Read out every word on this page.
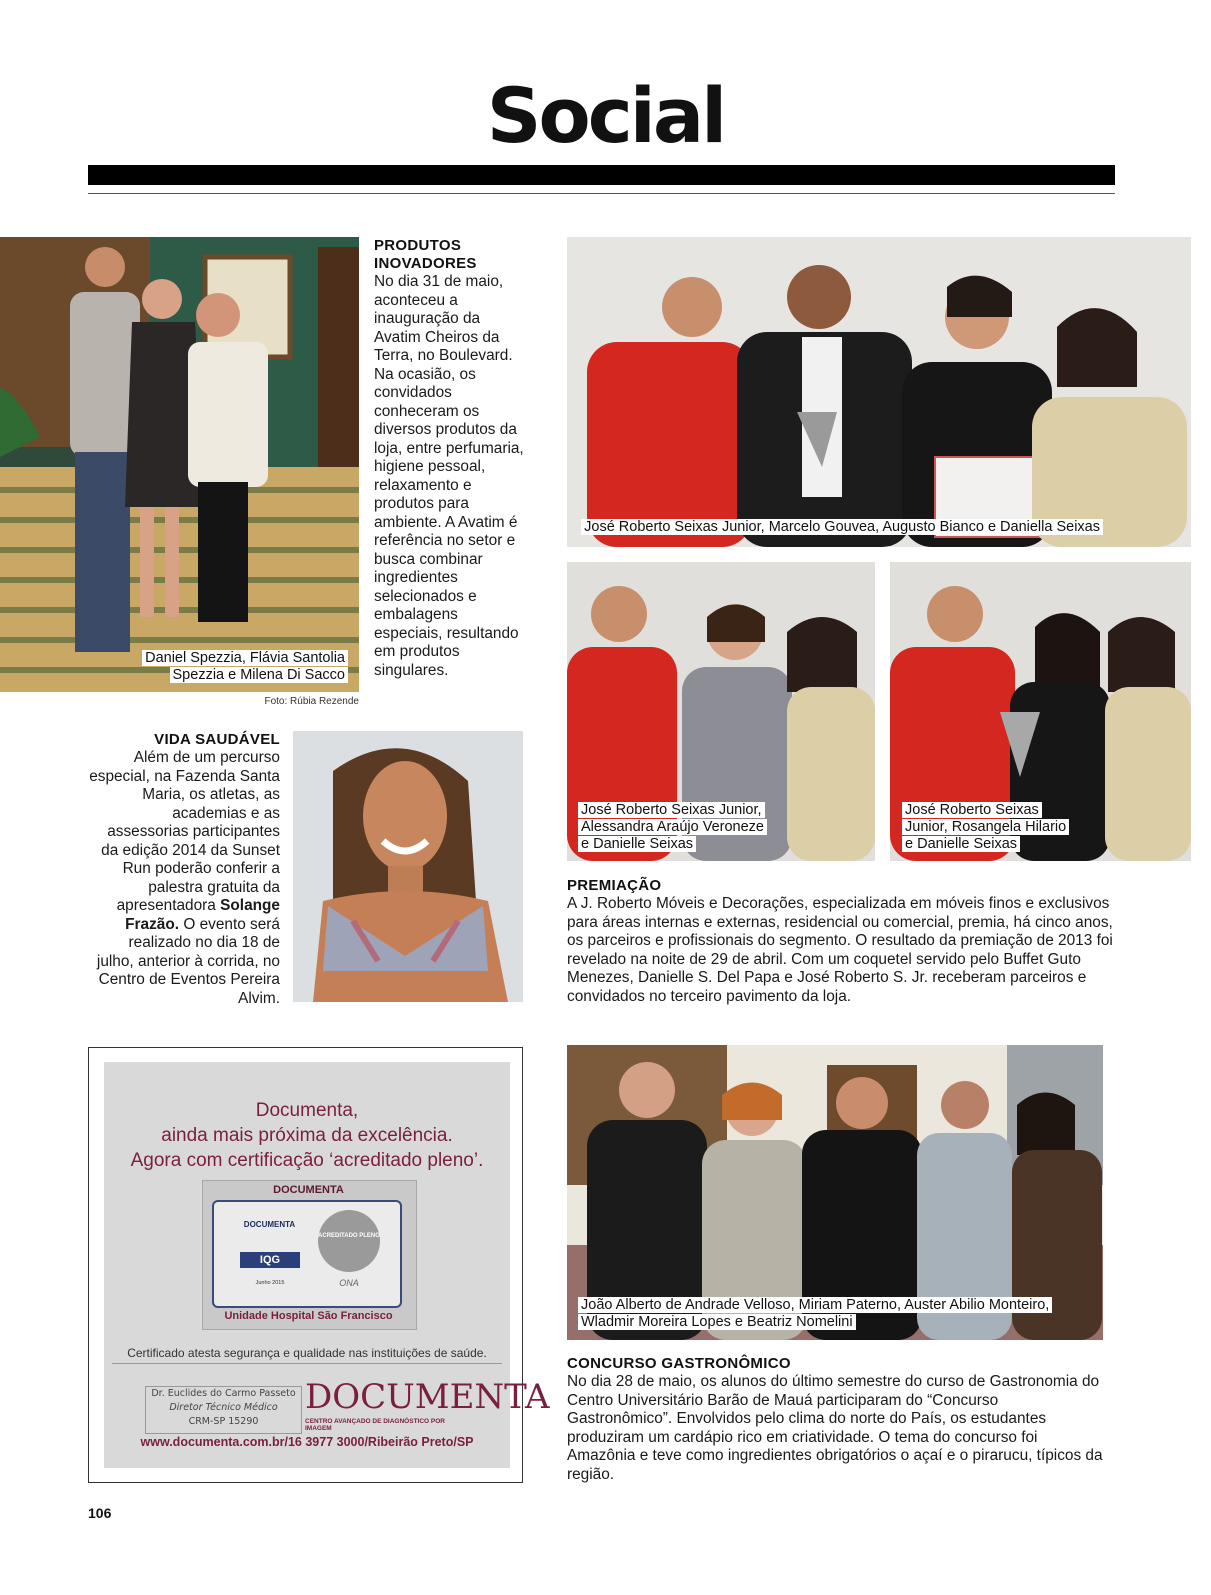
Social
Daniel Spezzia, Flávia Santolia
Spezzia e Milena Di Sacco
Foto: Rúbia Rezende
PRODUTOS
INOVADORES
No dia 31 de maio, aconteceu a inauguração da Avatim Cheiros da Terra, no Boulevard. Na ocasião, os convidados conheceram os diversos produtos da loja, entre perfumaria, higiene pessoal, relaxamento e produtos para ambiente. A Avatim é referência no setor e busca combinar ingredientes selecionados e embalagens especiais, resultando em produtos singulares.
VIDA SAUDÁVEL
Além de um percurso especial, na Fazenda Santa Maria, os atletas, as academias e as assessorias participantes da edição 2014 da Sunset Run poderão conferir a palestra gratuita da apresentadora Solange Frazão. O evento será realizado no dia 18 de julho, anterior à corrida, no Centro de Eventos Pereira Alvim.
José Roberto Seixas Junior, Marcelo Gouvea, Augusto Bianco e Daniella Seixas
José Roberto Seixas Junior,
Alessandra Araújo Veroneze
e Danielle Seixas
José Roberto Seixas
Junior, Rosangela Hilario
e Danielle Seixas
PREMIAÇÃO
A J. Roberto Móveis e Decorações, especializada em móveis finos e exclusivos para áreas internas e externas, residencial ou comercial, premia, há cinco anos, os parceiros e profissionais do segmento. O resultado da premiação de 2013 foi revelado na noite de 29 de abril. Com um coquetel servido pelo Buffet Guto Menezes, Danielle S. Del Papa e José Roberto S. Jr. receberam parceiros e convidados no terceiro pavimento da loja.
Documenta,
ainda mais próxima da excelência.
Agora com certificação ‘acreditado pleno’.
DOCUMENTA
DOCUMENTA
IQG
Junho 2015
ACREDITADO PLENO
ONA
Unidade Hospital São Francisco
Certificado atesta segurança e qualidade nas instituições de saúde.
Dr. Euclides do Carmo Passeto
Diretor Técnico Médico
CRM-SP 15290
DOCUMENTA
CENTRO AVANÇADO DE DIAGNÓSTICO POR IMAGEM
www.documenta.com.br/16 3977 3000/Ribeirão Preto/SP
João Alberto de Andrade Velloso, Miriam Paterno, Auster Abilio Monteiro,
Wladmir Moreira Lopes e Beatriz Nomelini
CONCURSO GASTRONÔMICO
No dia 28 de maio, os alunos do último semestre do curso de Gastronomia do Centro Universitário Barão de Mauá participaram do “Concurso Gastronômico”. Envolvidos pelo clima do norte do País, os estudantes produziram um cardápio rico em criatividade. O tema do concurso foi Amazônia e teve como ingredientes obrigatórios o açaí e o pirarucu, típicos da região.
106
